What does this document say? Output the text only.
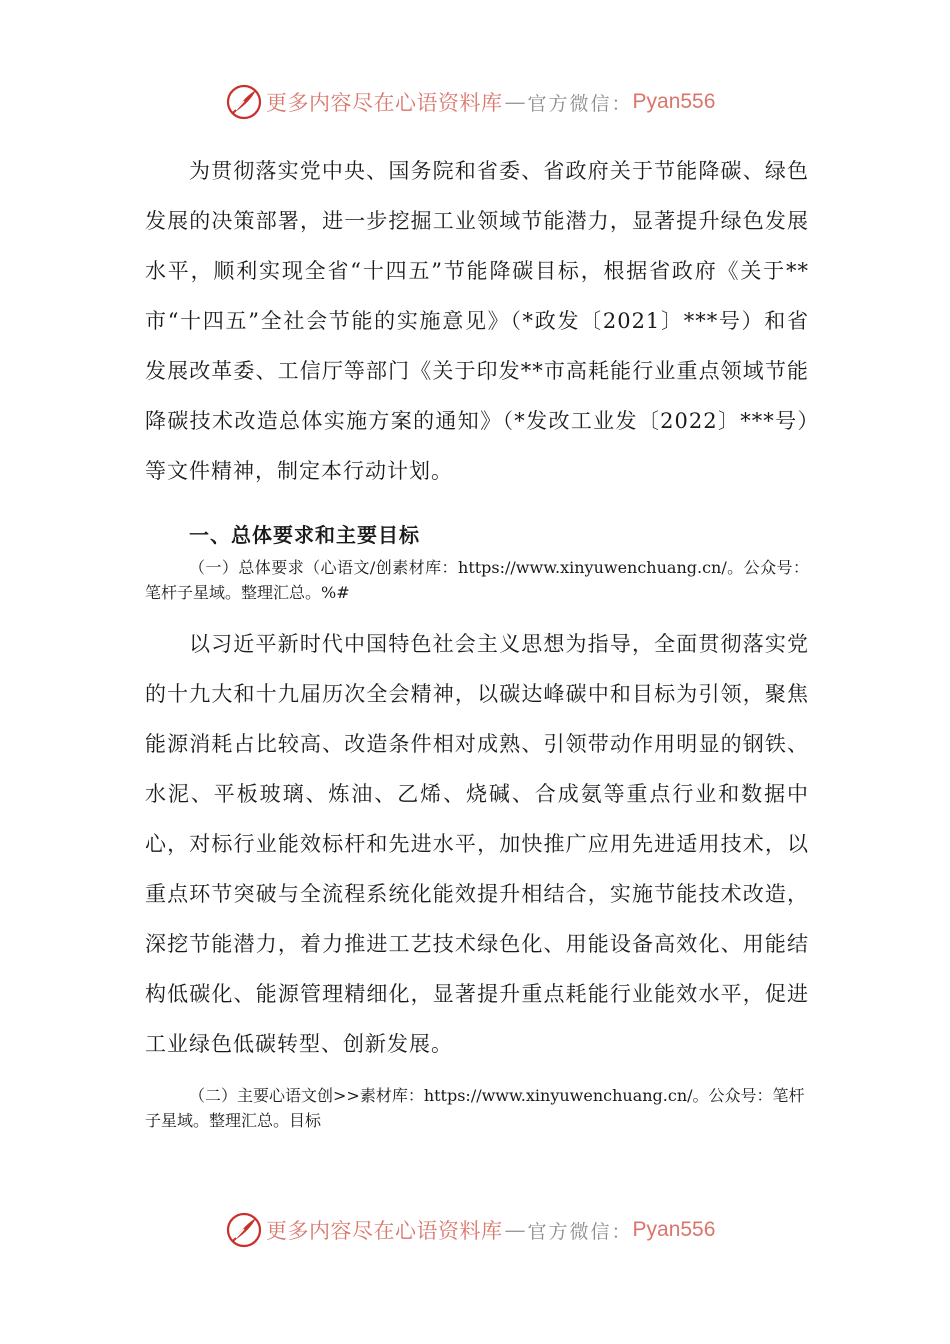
更多内容尽在心语资料库 — 官方微信： Pyan556

为贯彻落实党中央、国务院和省委、省政府关于节能降碳、绿色发展的决策部署，进一步挖掘工业领域节能潜力，显著提升绿色发展水平，顺利实现全省“十四五”节能降碳目标，根据省政府《关于**市“十四五”全社会节能的实施意见》（*政发〔2021〕***号）和省发展改革委、工信厅等部门《关于印发**市高耗能行业重点领域节能降碳技术改造总体实施方案的通知》（*发改工业发〔2022〕***号）等文件精神，制定本行动计划。

一、总体要求和主要目标

（一）总体要求（心语文/创素材库：https://www.xinyuwenchuang.cn/。公众号：笔杆子星域。整理汇总。%#

以习近平新时代中国特色社会主义思想为指导，全面贯彻落实党的十九大和十九届历次全会精神，以碳达峰碳中和目标为引领，聚焦能源消耗占比较高、改造条件相对成熟、引领带动作用明显的钢铁、水泥、平板玻璃、炼油、乙烯、烧碱、合成氨等重点行业和数据中心，对标行业能效标杆和先进水平，加快推广应用先进适用技术，以重点环节突破与全流程系统化能效提升相结合，实施节能技术改造，深挖节能潜力，着力推进工艺技术绿色化、用能设备高效化、用能结构低碳化、能源管理精细化，显著提升重点耗能行业能效水平，促进工业绿色低碳转型、创新发展。

（二）主要心语文创>>素材库：https://www.xinyuwenchuang.cn/。公众号：笔杆子星域。整理汇总。目标

更多内容尽在心语资料库 — 官方微信： Pyan556
